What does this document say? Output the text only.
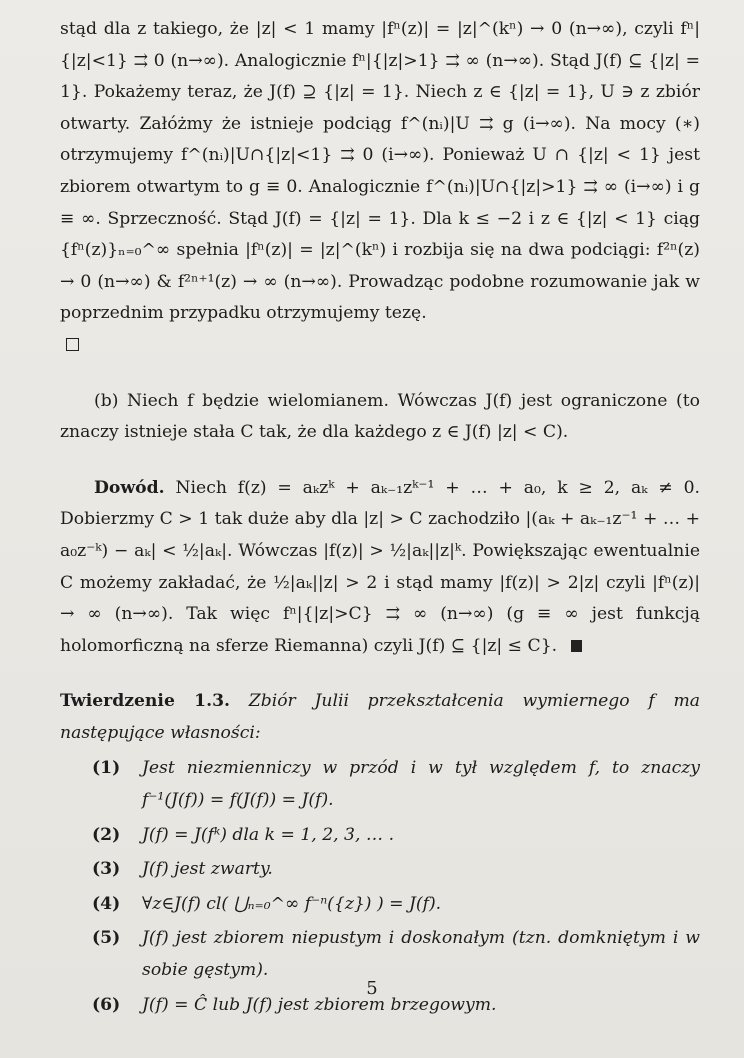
stąd dla z takiego, że |z| < 1 mamy |fⁿ(z)| = |z|^(kⁿ) → 0 (n→∞), czyli fⁿ|{|z|<1} ⇉ 0 (n→∞). Analogicznie fⁿ|{|z|>1} ⇉ ∞ (n→∞). Stąd J(f) ⊆ {|z| = 1}. Pokażemy teraz, że J(f) ⊇ {|z| = 1}. Niech z ∈ {|z| = 1}, U ∋ z zbiór otwarty. Załóżmy że istnieje podciąg f^(nᵢ)|U ⇉ g (i→∞). Na mocy (∗) otrzymujemy f^(nᵢ)|U∩{|z|<1} ⇉ 0 (i→∞). Ponieważ U ∩ {|z| < 1} jest zbiorem otwartym to g ≡ 0. Analogicznie f^(nᵢ)|U∩{|z|>1} ⇉ ∞ (i→∞) i g ≡ ∞. Sprzeczność. Stąd J(f) = {|z| = 1}. Dla k ≤ −2 i z ∈ {|z| < 1} ciąg {fⁿ(z)}ₙ₌₀^∞ spełnia |fⁿ(z)| = |z|^(kⁿ) i rozbija się na dwa podciągi: f²ⁿ(z) → 0 (n→∞) & f²ⁿ⁺¹(z) → ∞ (n→∞). Prowadząc podobne rozumowanie jak w poprzednim przypadku otrzymujemy tezę.

(b) Niech f będzie wielomianem. Wówczas J(f) jest ograniczone (to znaczy istnieje stała C tak, że dla każdego z ∈ J(f) |z| < C).

Dowód. Niech f(z) = aₖzᵏ + aₖ₋₁zᵏ⁻¹ + … + a₀, k ≥ 2, aₖ ≠ 0. Dobierzmy C > 1 tak duże aby dla |z| > C zachodziło |(aₖ + aₖ₋₁z⁻¹ + … + a₀z⁻ᵏ) − aₖ| < ½|aₖ|. Wówczas |f(z)| > ½|aₖ||z|ᵏ. Powiększając ewentualnie C możemy zakładać, że ½|aₖ||z| > 2 i stąd mamy |f(z)| > 2|z| czyli |fⁿ(z)| → ∞ (n→∞). Tak więc fⁿ|{|z|>C} ⇉ ∞ (n→∞) (g ≡ ∞ jest funkcją holomorficzną na sferze Riemanna) czyli J(f) ⊆ {|z| ≤ C}.

Twierdzenie 1.3. Zbiór Julii przekształcenia wymiernego f ma następujące własności:

(1) Jest niezmienniczy w przód i w tył względem f, to znaczy f⁻¹(J(f)) = f(J(f)) = J(f).
(2) J(f) = J(fᵏ) dla k = 1, 2, 3, … .
(3) J(f) jest zwarty.
(4) ∀z∈J(f) cl( ⋃ₙ₌₀^∞ f⁻ⁿ({z}) ) = J(f).
(5) J(f) jest zbiorem niepustym i doskonałym (tzn. domkniętym i w sobie gęstym).
(6) J(f) = Ĉ lub J(f) jest zbiorem brzegowym.
5
